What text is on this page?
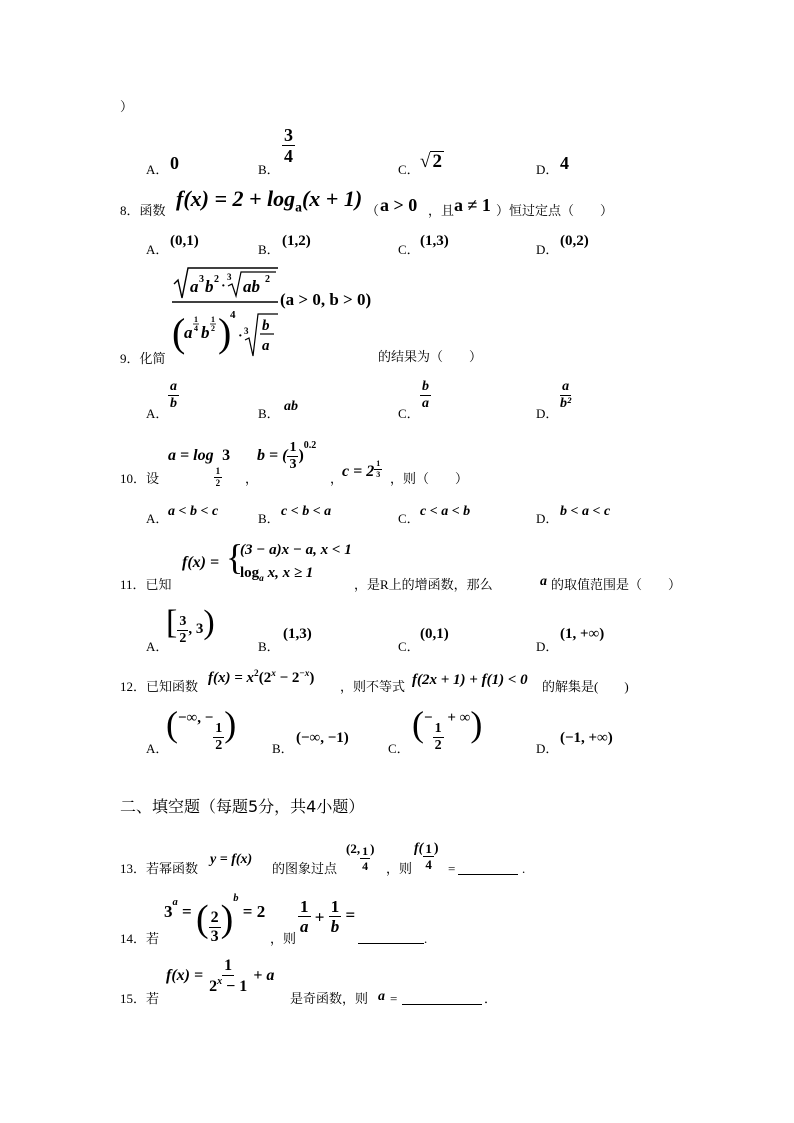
）
A． 0	B．
$\frac{3}{4}$
C． √ 2	D． 4
8．函数 $f(x) = 2 + \log_a(x + 1)$ （ a > 0 ，且 a ≠ 1 ）恒过定点（　　）
A．
(0,1)
B．
(1,2)
C．
(1,3)
D．
(0,2)
9．化简
a 3 b 2 ·
3 ab 2
(
a
1
4 b
1
2 )
4
· 3 b
a
(a > 0, b > 0)
的结果为（　　）
A．
$\frac{a}{b}$
B． ab	C．
$\frac{b}{a}$
D．
$\frac{a}{\text{b²}}$
10．设
a = log
$\frac{1}{2}$
3
，
b = ( $\frac{1}{3} )^{0.2}$
，
$c = 2 \frac{1}{3}$ ，则（　　）
A． a < b < c	B． c < b < a	C． c < a < b	D． b < a < c
11．已知
f(x) = {
(3 − a)x − a, x < 1
$\log_a x$, x ≥ 1
，是R上的增函数，那么	a 的取值范围是（　　）
A．
[ $\frac{3}{2}$ , 3)
B．
(1,3)
C．
(0,1)
D．
(1, +∞)
12．已知函数
$f(x) = x^2(2^x - 2^{-x})$
，则不等式 f(2x + 1) + f(1) < 0 的解集是(　　)
A．
(−∞, −
$\frac{1}{2}$ )
B．
(−∞, −1)
C．
(−
$\frac{1}{2}$
+ ∞)
D．
(−1, +∞)
二、填空题（每题5分，共4小题）
13．若幂函数
y = f(x)
的图象过点
(2, $\frac{1}{4}$ )
，则
$f( \frac{1}{4}$ )
=	.
14．若
$3^a$ = ( $\frac{2}{3} )^b = 2$
，则
$\frac{1}{a} + \frac{1}{b}$ =
.
15．若
$f(x) = \frac{1}{2^x - 1} + a$
是奇函数，则 a =	．
